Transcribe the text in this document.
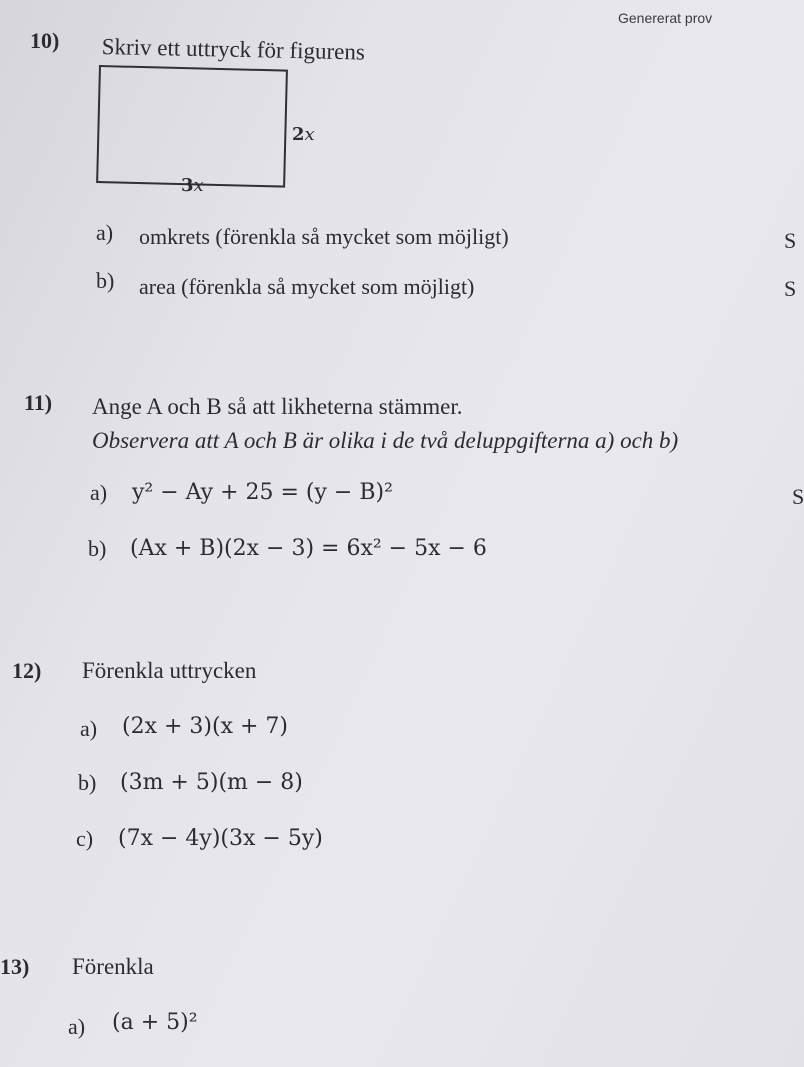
Genererat prov
10) Skriv ett uttryck för figurens
2x
3x
a) omkrets (förenkla så mycket som möjligt)	S
b) area (förenkla så mycket som möjligt)	S
11) Ange A och B så att likheterna stämmer.
Observera att A och B är olika i de två deluppgifterna a) och b)
a) y² − Ay + 25 = (y − B)²	S
b) (Ax + B)(2x − 3) = 6x² − 5x − 6
12) Förenkla uttrycken
a) (2x + 3)(x + 7)
b) (3m + 5)(m − 8)
c) (7x − 4y)(3x − 5y)
13) Förenkla
a) (a + 5)²
